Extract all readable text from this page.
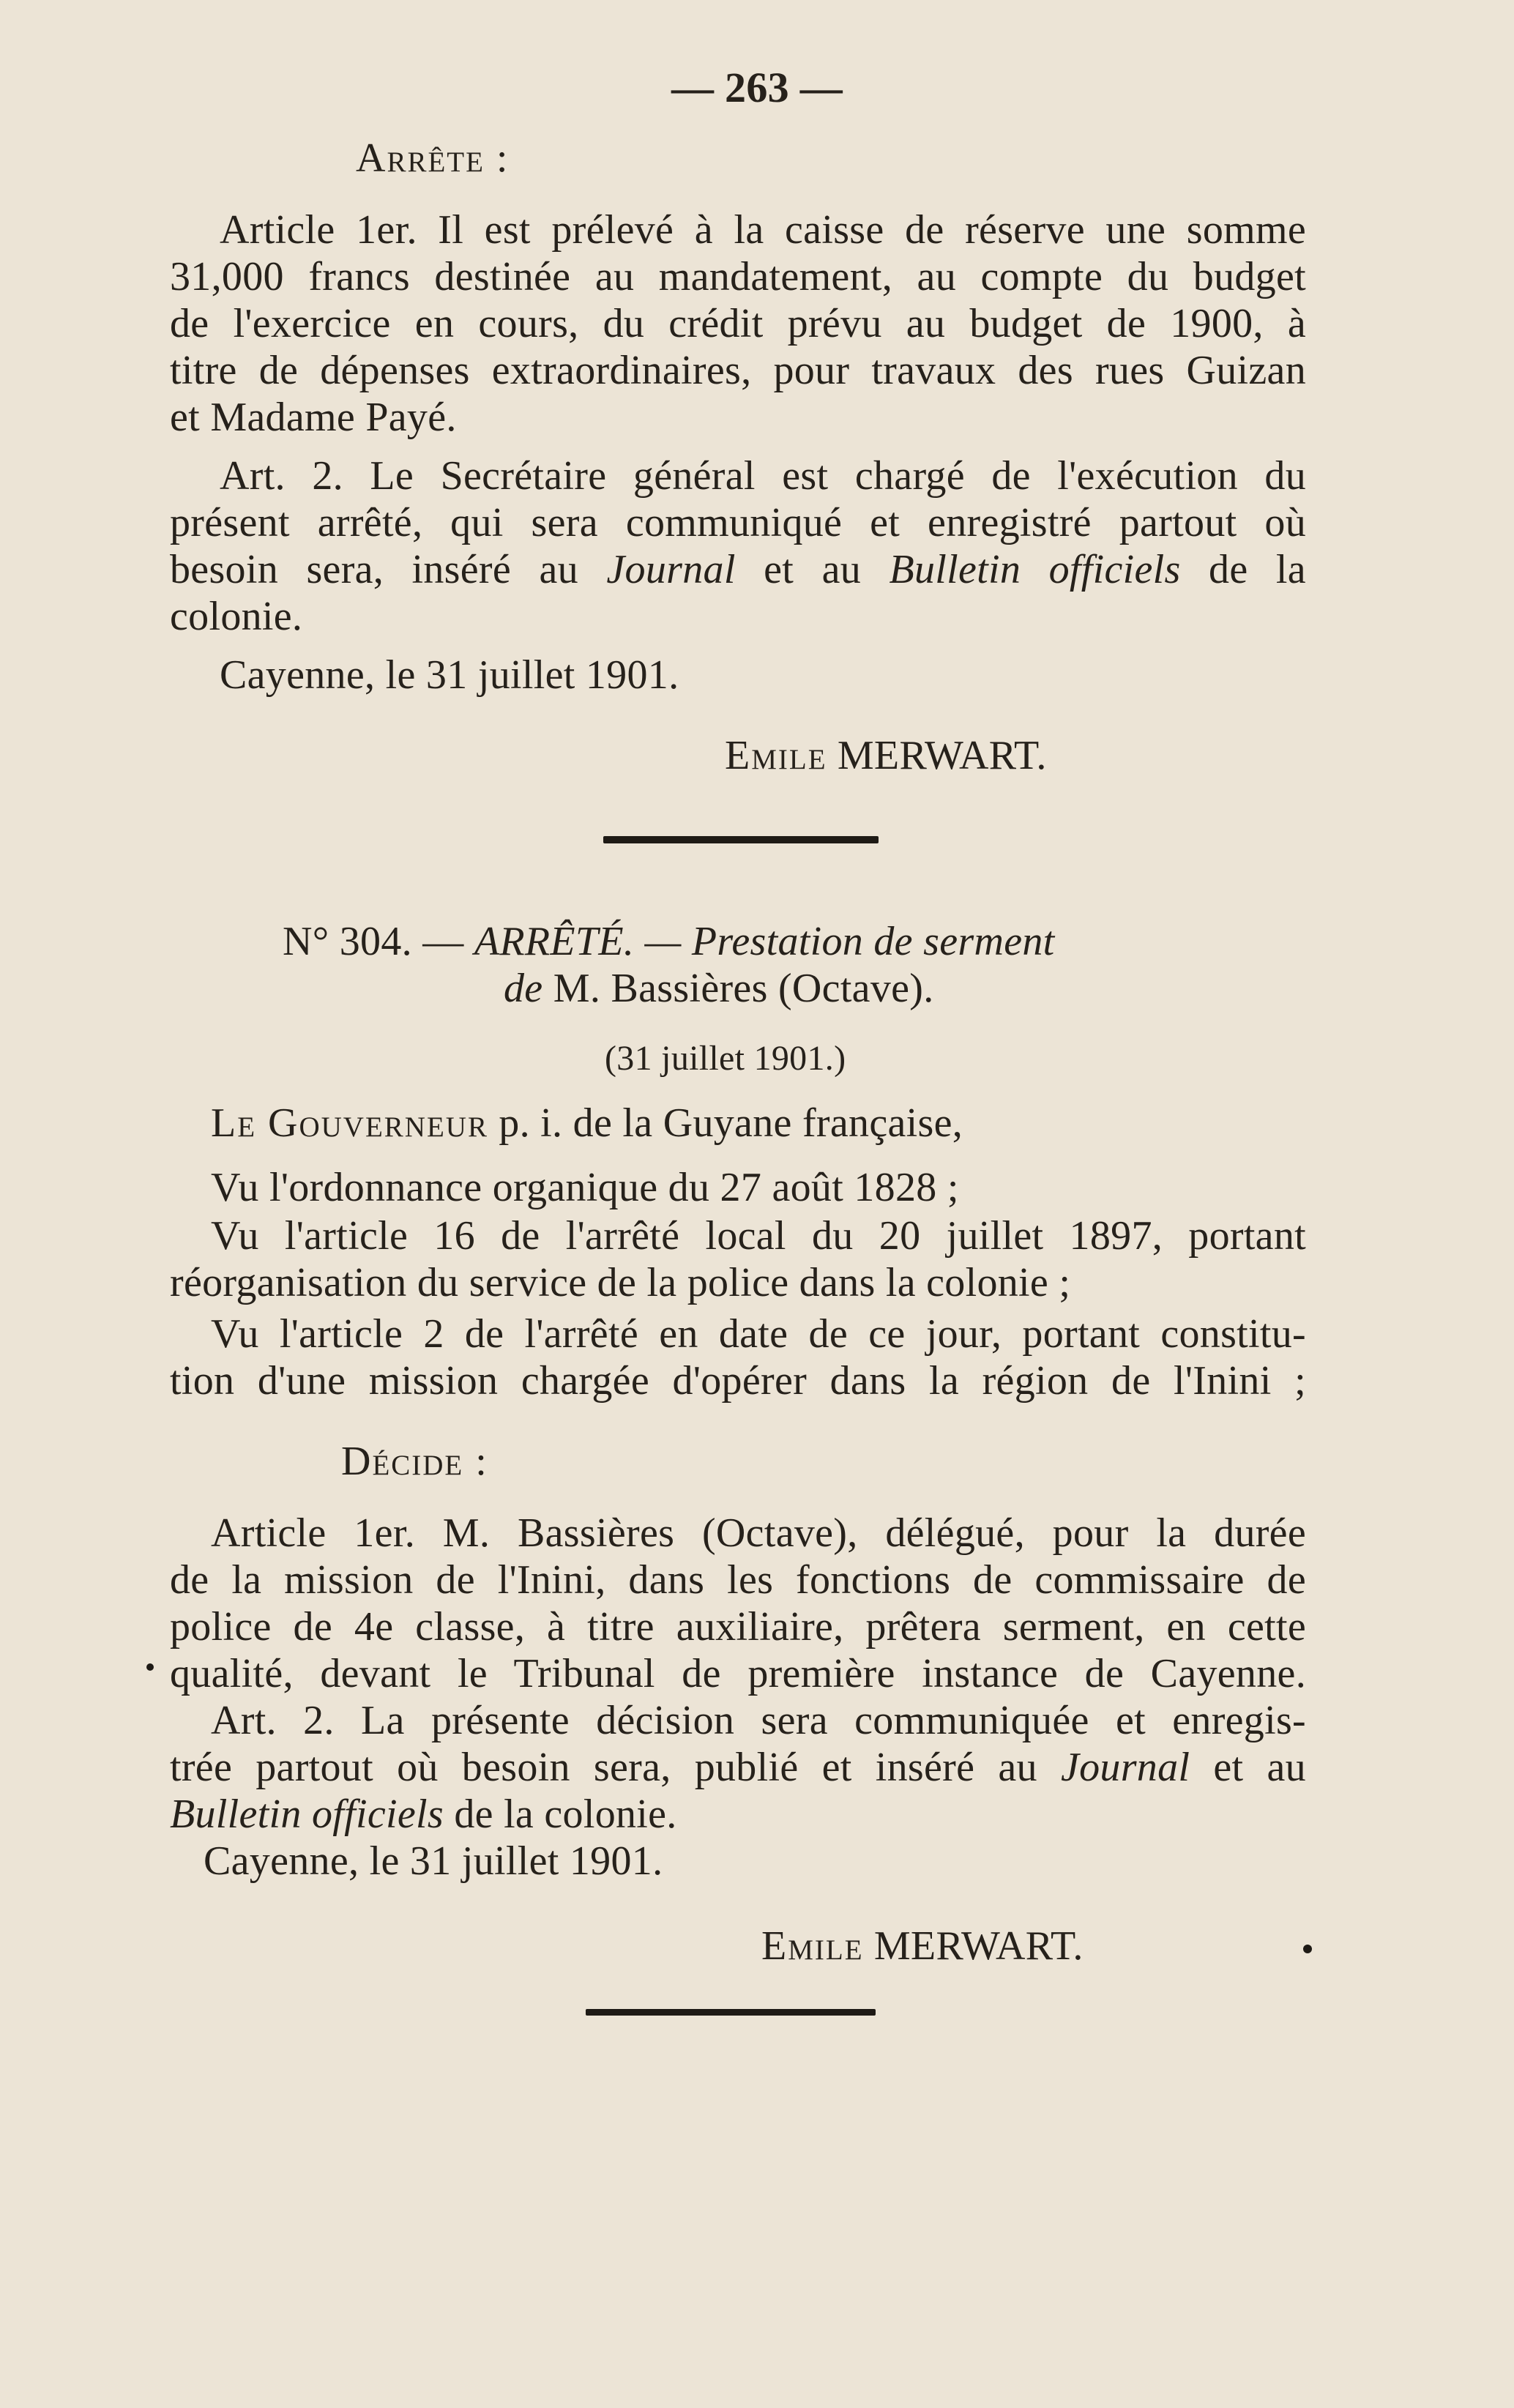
— 263 —
Arrête :
Article 1er. Il est prélevé à la caisse de réserve une somme
31,000 francs destinée au mandatement, au compte du budget
de l'exercice en cours, du crédit prévu au budget de 1900, à
titre de dépenses extraordinaires, pour travaux des rues Guizan
et Madame Payé.
Art. 2. Le Secrétaire général est chargé de l'exécution du
présent arrêté, qui sera communiqué et enregistré partout où
besoin sera, inséré au Journal et au Bulletin officiels de la
colonie.
Cayenne, le 31 juillet 1901.
Emile MERWART.
N° 304. — ARRÊTÉ. — Prestation de serment
de M. Bassières (Octave).
(31 juillet 1901.)
Le Gouverneur p. i. de la Guyane française,
Vu l'ordonnance organique du 27 août 1828 ;
Vu l'article 16 de l'arrêté local du 20 juillet 1897, portant
réorganisation du service de la police dans la colonie ;
Vu l'article 2 de l'arrêté en date de ce jour, portant constitu-
tion d'une mission chargée d'opérer dans la région de l'Inini ;
Décide :
Article 1er. M. Bassières (Octave), délégué, pour la durée
de la mission de l'Inini, dans les fonctions de commissaire de
police de 4e classe, à titre auxiliaire, prêtera serment, en cette
qualité, devant le Tribunal de première instance de Cayenne.
Art. 2. La présente décision sera communiquée et enregis-
trée partout où besoin sera, publié et inséré au Journal et au
Bulletin officiels de la colonie.
Cayenne, le 31 juillet 1901.
Emile MERWART.
